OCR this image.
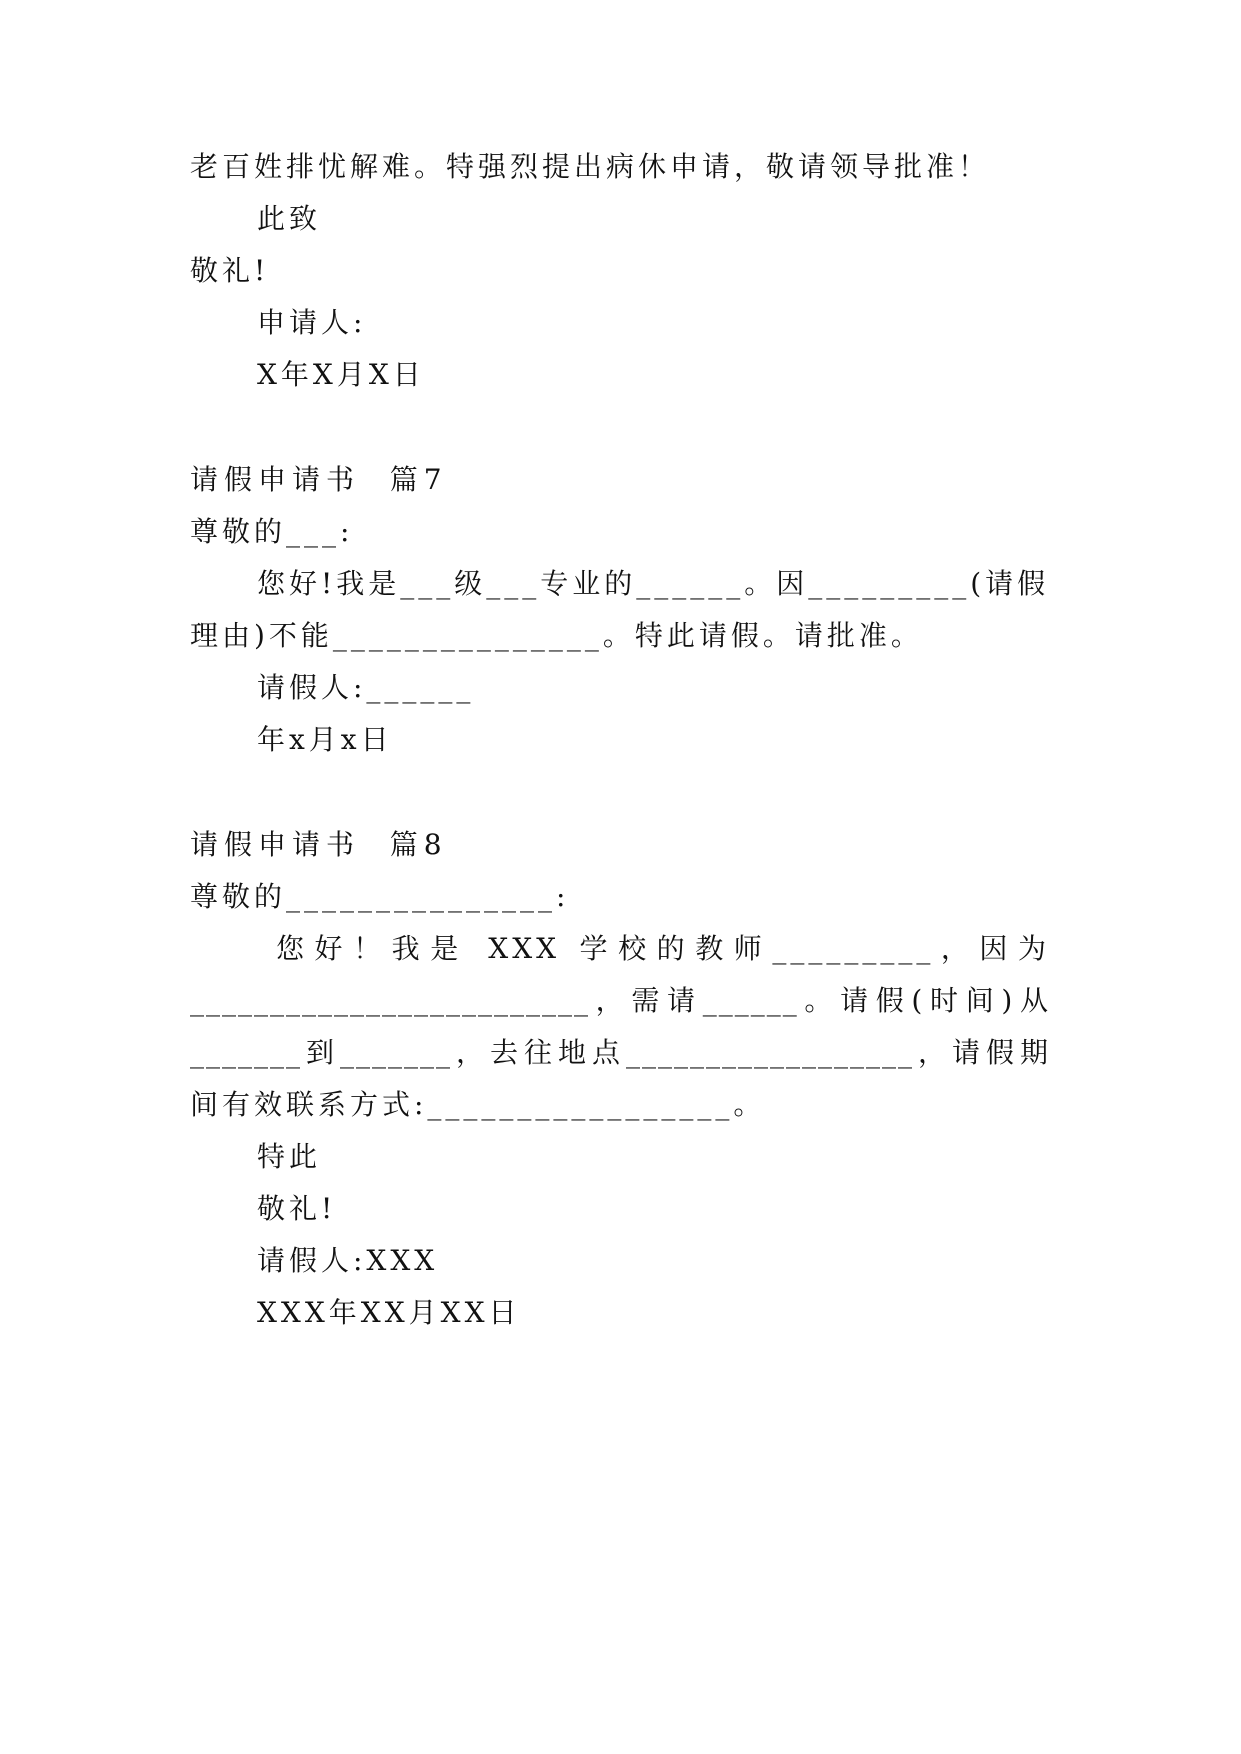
老百姓排忧解难。特强烈提出病休申请，敬请领导批准！
此致
敬礼!
申请人:
X年X月X日
请假申请书  篇7
尊敬的___:
您好!我是___级___专业的______。因_________(请假
理由)不能_______________。特此请假。请批准。
请假人:______
年x月x日
请假申请书  篇8
尊敬的_______________:
您好！我是 XXX 学校的教师_________，因为
_________________________，需请______。请假(时间)从
_______到_______，去往地点__________________，请假期
间有效联系方式:_________________。
特此
敬礼!
请假人:XXX
XXX年XX月XX日
